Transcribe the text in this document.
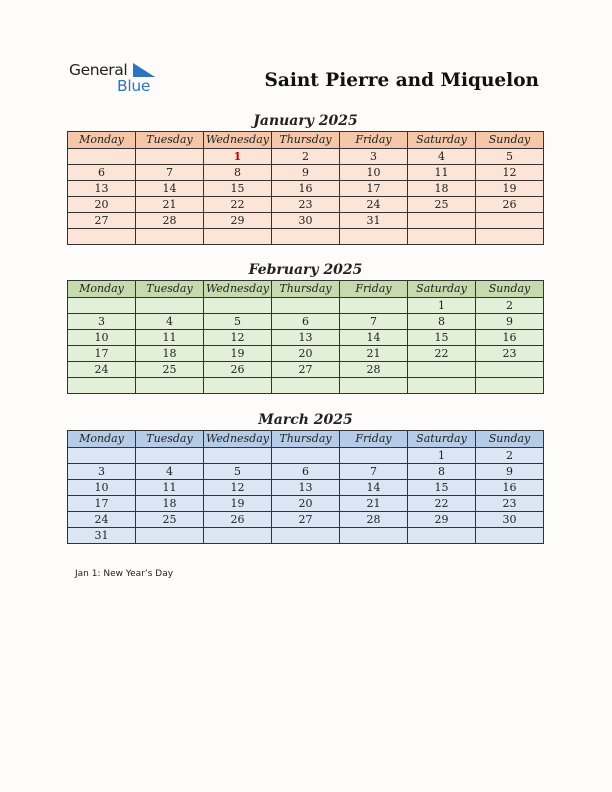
General
Blue	Saint Pierre and Miquelon
January 2025
Monday	Tuesday	Wednesday	Thursday	Friday	Saturday	Sunday
		1	2	3	4	5
6	7	8	9	10	11	12
13	14	15	16	17	18	19
20	21	22	23	24	25	26
27	28	29	30	31		

February 2025
Monday	Tuesday	Wednesday	Thursday	Friday	Saturday	Sunday
					1	2
3	4	5	6	7	8	9
10	11	12	13	14	15	16
17	18	19	20	21	22	23
24	25	26	27	28		

March 2025
Monday	Tuesday	Wednesday	Thursday	Friday	Saturday	Sunday
					1	2
3	4	5	6	7	8	9
10	11	12	13	14	15	16
17	18	19	20	21	22	23
24	25	26	27	28	29	30
31						
Jan 1: New Year’s Day
